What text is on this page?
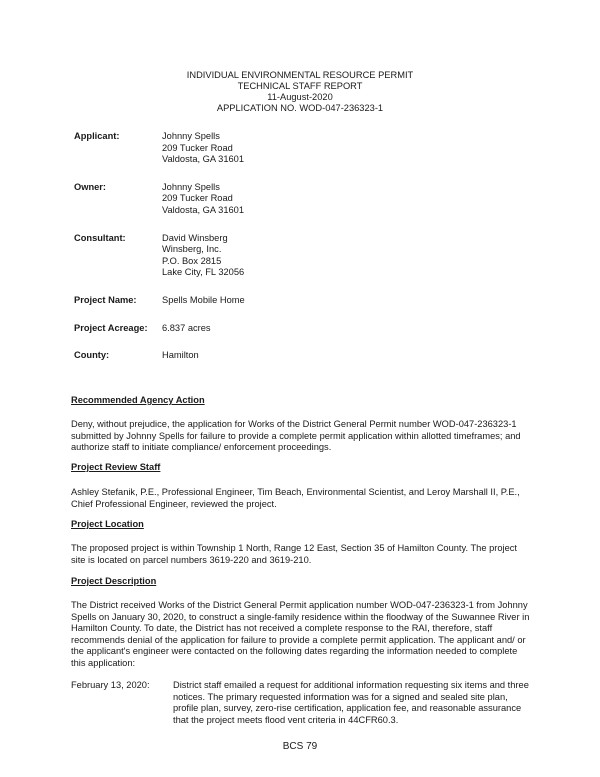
INDIVIDUAL ENVIRONMENTAL RESOURCE PERMIT
TECHNICAL STAFF REPORT
11-August-2020
APPLICATION NO. WOD-047-236323-1
Applicant:	Johnny Spells
209 Tucker Road
Valdosta, GA 31601
Owner:	Johnny Spells
209 Tucker Road
Valdosta, GA 31601
Consultant:	David Winsberg
Winsberg, Inc.
P.O. Box 2815
Lake City, FL 32056
Project Name:	Spells Mobile Home
Project Acreage:	6.837 acres
County:	Hamilton
Recommended Agency Action
Deny, without prejudice, the application for Works of the District General Permit number WOD-047-236323-1 submitted by Johnny Spells for failure to provide a complete permit application within allotted timeframes; and authorize staff to initiate compliance/ enforcement proceedings.
Project Review Staff
Ashley Stefanik, P.E., Professional Engineer, Tim Beach, Environmental Scientist, and Leroy Marshall II, P.E., Chief Professional Engineer, reviewed the project.
Project Location
The proposed project is within Township 1 North, Range 12 East, Section 35 of Hamilton County. The project site is located on parcel numbers 3619-220 and 3619-210.
Project Description
The District received Works of the District General Permit application number WOD-047-236323-1 from Johnny Spells on January 30, 2020, to construct a single-family residence within the floodway of the Suwannee River in Hamilton County. To date, the District has not received a complete response to the RAI, therefore, staff recommends denial of the application for failure to provide a complete permit application. The applicant and/ or the applicant's engineer were contacted on the following dates regarding the information needed to complete this application:
February 13, 2020:	District staff emailed a request for additional information requesting six items and three notices. The primary requested information was for a signed and sealed site plan, profile plan, survey, zero-rise certification, application fee, and reasonable assurance that the project meets flood vent criteria in 44CFR60.3.
BCS 79
